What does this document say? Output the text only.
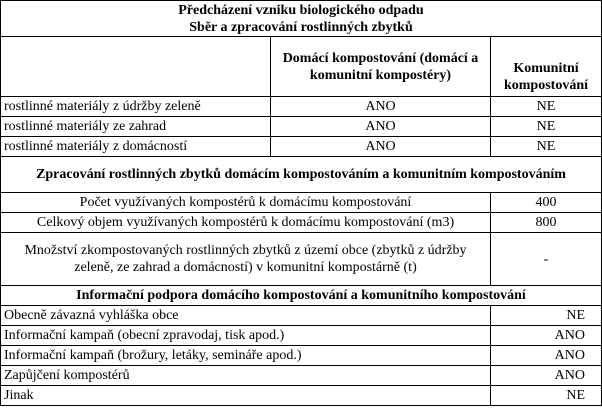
Předcházení vzniku biologického odpadu
Sběr a zpracování rostlinných zbytků		

	Domácí kompostování (domácí a komunitní kompostéry)	Komunitní kompostování
rostlinné materiály z údržby zeleně	ANO	NE
rostlinné materiály ze zahrad	ANO	NE
rostlinné materiály z domácností	ANO	NE
Zpracování rostlinných zbytků domácím kompostováním a komunitním kompostováním		
Počet využívaných kompostérů k domácímu kompostování		400
Celkový objem využívaných kompostérů k domácímu kompostování (m3)		800
Množství zkompostovaných rostlinných zbytků z území obce (zbytků z údržby zeleně, ze zahrad a domácností) v komunitní kompostárně (t)		-
Informační podpora domácího kompostování a komunitního kompostování		
Obecně závazná vyhláška obce		NE
Informační kampaň (obecní zpravodaj, tisk apod.)		ANO
Informační kampaň (brožury, letáky, semináře apod.)		ANO
Zapůjčení kompostérů		ANO
Jinak		NE
